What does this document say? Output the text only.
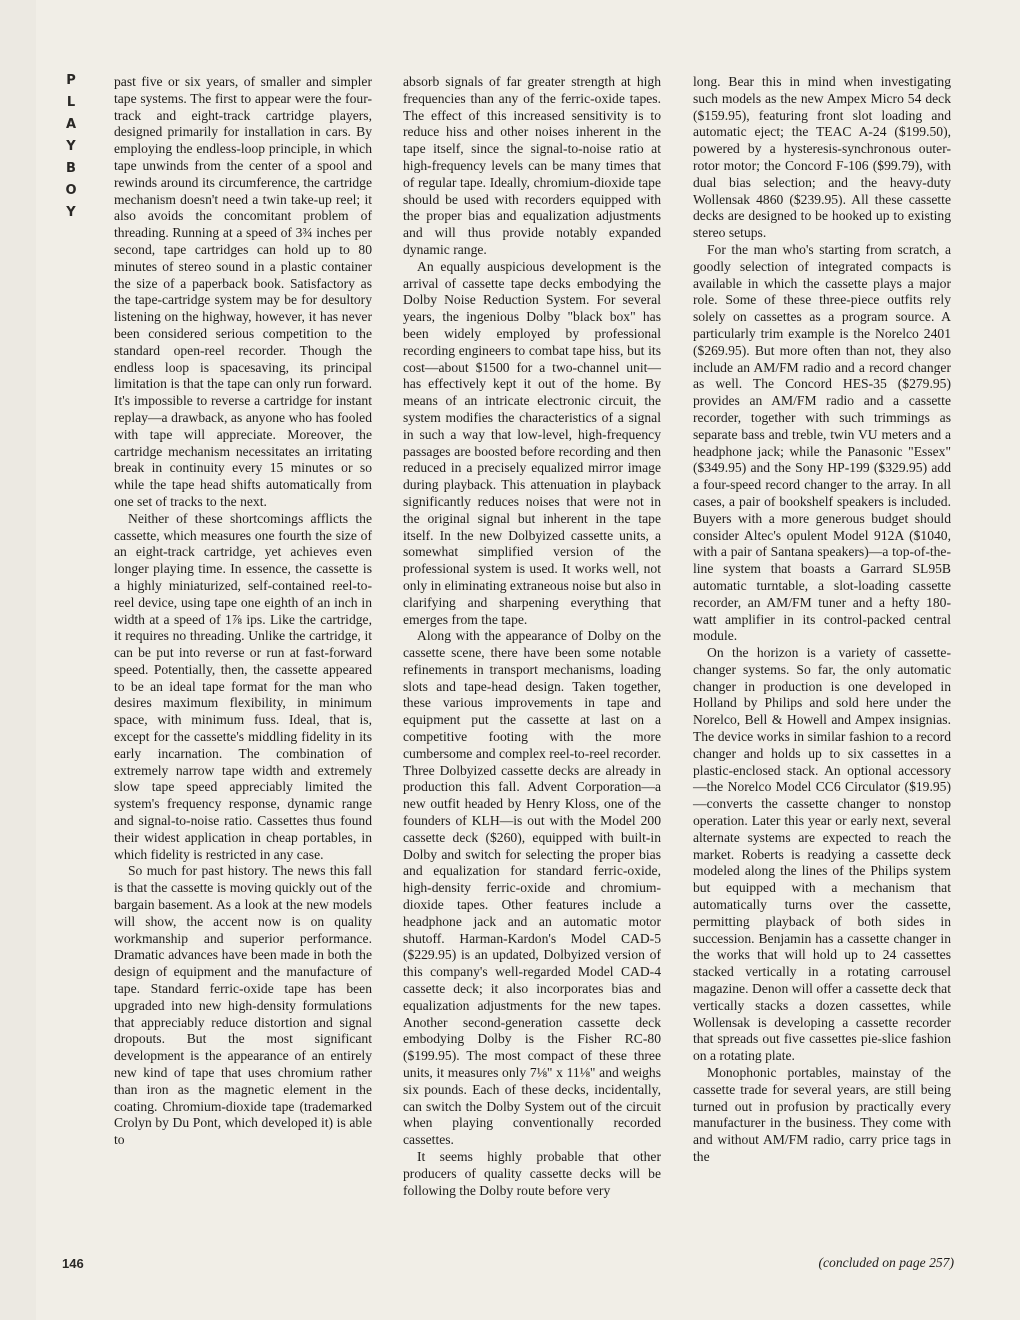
P
L
A
Y
B
O
Y

past five or six years, of smaller and simpler tape systems. The first to appear were the four-track and eight-track cartridge players, designed primarily for installation in cars. By employing the endless-loop principle, in which tape unwinds from the center of a spool and rewinds around its circumference, the cartridge mechanism doesn't need a twin take-up reel; it also avoids the concomitant problem of threading. Running at a speed of 3¾ inches per second, tape cartridges can hold up to 80 minutes of stereo sound in a plastic container the size of a paperback book. Satisfactory as the tape-cartridge system may be for desultory listening on the highway, however, it has never been considered serious competition to the standard open-reel recorder. Though the endless loop is spacesaving, its principal limitation is that the tape can only run forward. It's impossible to reverse a cartridge for instant replay—a drawback, as anyone who has fooled with tape will appreciate. Moreover, the cartridge mechanism necessitates an irritating break in continuity every 15 minutes or so while the tape head shifts automatically from one set of tracks to the next.

Neither of these shortcomings afflicts the cassette, which measures one fourth the size of an eight-track cartridge, yet achieves even longer playing time. In essence, the cassette is a highly miniaturized, self-contained reel-to-reel device, using tape one eighth of an inch in width at a speed of 1⅞ ips. Like the cartridge, it requires no threading. Unlike the cartridge, it can be put into reverse or run at fast-forward speed. Potentially, then, the cassette appeared to be an ideal tape format for the man who desires maximum flexibility, in minimum space, with minimum fuss. Ideal, that is, except for the cassette's middling fidelity in its early incarnation. The combination of extremely narrow tape width and extremely slow tape speed appreciably limited the system's frequency response, dynamic range and signal-to-noise ratio. Cassettes thus found their widest application in cheap portables, in which fidelity is restricted in any case.

So much for past history. The news this fall is that the cassette is moving quickly out of the bargain basement. As a look at the new models will show, the accent now is on quality workmanship and superior performance. Dramatic advances have been made in both the design of equipment and the manufacture of tape. Standard ferric-oxide tape has been upgraded into new high-density formulations that appreciably reduce distortion and signal dropouts. But the most significant development is the appearance of an entirely new kind of tape that uses chromium rather than iron as the magnetic element in the coating. Chromium-dioxide tape (trademarked Crolyn by Du Pont, which developed it) is able to

absorb signals of far greater strength at high frequencies than any of the ferric-oxide tapes. The effect of this increased sensitivity is to reduce hiss and other noises inherent in the tape itself, since the signal-to-noise ratio at high-frequency levels can be many times that of regular tape. Ideally, chromium-dioxide tape should be used with recorders equipped with the proper bias and equalization adjustments and will thus provide notably expanded dynamic range.

An equally auspicious development is the arrival of cassette tape decks embodying the Dolby Noise Reduction System. For several years, the ingenious Dolby "black box" has been widely employed by professional recording engineers to combat tape hiss, but its cost—about $1500 for a two-channel unit—has effectively kept it out of the home. By means of an intricate electronic circuit, the system modifies the characteristics of a signal in such a way that low-level, high-frequency passages are boosted before recording and then reduced in a precisely equalized mirror image during playback. This attenuation in playback significantly reduces noises that were not in the original signal but inherent in the tape itself. In the new Dolbyized cassette units, a somewhat simplified version of the professional system is used. It works well, not only in eliminating extraneous noise but also in clarifying and sharpening everything that emerges from the tape.

Along with the appearance of Dolby on the cassette scene, there have been some notable refinements in transport mechanisms, loading slots and tape-head design. Taken together, these various improvements in tape and equipment put the cassette at last on a competitive footing with the more cumbersome and complex reel-to-reel recorder. Three Dolbyized cassette decks are already in production this fall. Advent Corporation—a new outfit headed by Henry Kloss, one of the founders of KLH—is out with the Model 200 cassette deck ($260), equipped with built-in Dolby and switch for selecting the proper bias and equalization for standard ferric-oxide, high-density ferric-oxide and chromium-dioxide tapes. Other features include a headphone jack and an automatic motor shutoff. Harman-Kardon's Model CAD-5 ($229.95) is an updated, Dolbyized version of this company's well-regarded Model CAD-4 cassette deck; it also incorporates bias and equalization adjustments for the new tapes. Another second-generation cassette deck embodying Dolby is the Fisher RC-80 ($199.95). The most compact of these three units, it measures only 7⅛" x 11⅛" and weighs six pounds. Each of these decks, incidentally, can switch the Dolby System out of the circuit when playing conventionally recorded cassettes.

It seems highly probable that other producers of quality cassette decks will be following the Dolby route before very

long. Bear this in mind when investigating such models as the new Ampex Micro 54 deck ($159.95), featuring front slot loading and automatic eject; the TEAC A-24 ($199.50), powered by a hysteresis-synchronous outer-rotor motor; the Concord F-106 ($99.79), with dual bias selection; and the heavy-duty Wollensak 4860 ($239.95). All these cassette decks are designed to be hooked up to existing stereo setups.

For the man who's starting from scratch, a goodly selection of integrated compacts is available in which the cassette plays a major role. Some of these three-piece outfits rely solely on cassettes as a program source. A particularly trim example is the Norelco 2401 ($269.95). But more often than not, they also include an AM/FM radio and a record changer as well. The Concord HES-35 ($279.95) provides an AM/FM radio and a cassette recorder, together with such trimmings as separate bass and treble, twin VU meters and a headphone jack; while the Panasonic "Essex" ($349.95) and the Sony HP-199 ($329.95) add a four-speed record changer to the array. In all cases, a pair of bookshelf speakers is included. Buyers with a more generous budget should consider Altec's opulent Model 912A ($1040, with a pair of Santana speakers)—a top-of-the-line system that boasts a Garrard SL95B automatic turntable, a slot-loading cassette recorder, an AM/FM tuner and a hefty 180-watt amplifier in its control-packed central module.

On the horizon is a variety of cassette-changer systems. So far, the only automatic changer in production is one developed in Holland by Philips and sold here under the Norelco, Bell & Howell and Ampex insignias. The device works in similar fashion to a record changer and holds up to six cassettes in a plastic-enclosed stack. An optional accessory—the Norelco Model CC6 Circulator ($19.95)—converts the cassette changer to nonstop operation. Later this year or early next, several alternate systems are expected to reach the market. Roberts is readying a cassette deck modeled along the lines of the Philips system but equipped with a mechanism that automatically turns over the cassette, permitting playback of both sides in succession. Benjamin has a cassette changer in the works that will hold up to 24 cassettes stacked vertically in a rotating carrousel magazine. Denon will offer a cassette deck that vertically stacks a dozen cassettes, while Wollensak is developing a cassette recorder that spreads out five cassettes pie-slice fashion on a rotating plate.

Monophonic portables, mainstay of the cassette trade for several years, are still being turned out in profusion by practically every manufacturer in the business. They come with and without AM/FM radio, carry price tags in the

146	(concluded on page 257)
